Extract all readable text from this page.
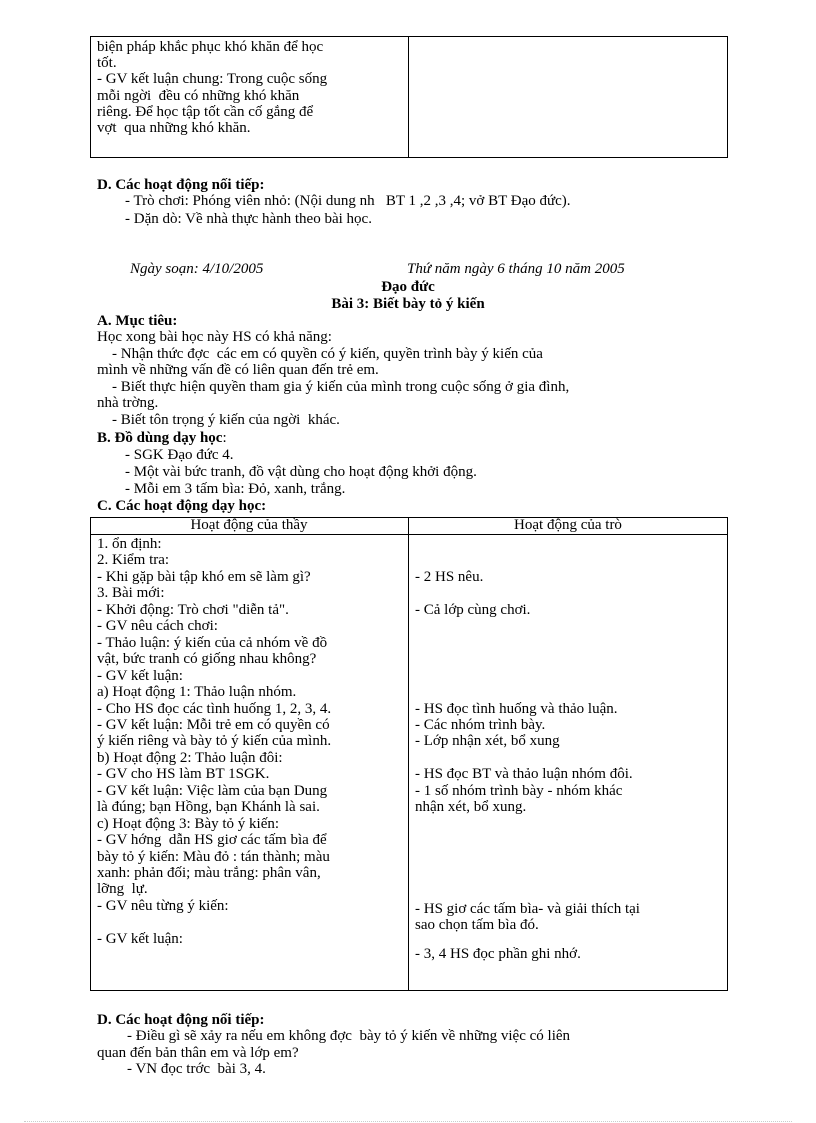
biện pháp khắc phục khó khăn để học
tốt.
- GV kết luận chung: Trong cuộc sống
mỗi ngời  đều có những khó khăn
riêng. Để học tập tốt cần cố gắng để
vợt  qua những khó khăn.
D. Các hoạt động nối tiếp:
- Trò chơi: Phóng viên nhỏ: (Nội dung nh   BT 1 ,2 ,3 ,4; vở BT Đạo đức).
- Dặn dò: Về nhà thực hành theo bài học.
Ngày soạn: 4/10/2005	Thứ năm ngày 6 tháng 10 năm 2005
Đạo đức
Bài 3: Biết bày tỏ ý kiến
A. Mục tiêu:
Học xong bài học này HS có khả năng:
- Nhận thức đợc  các em có quyền có ý kiến, quyền trình bày ý kiến của
mình về những vấn đề có liên quan đến trẻ em.
- Biết thực hiện quyền tham gia ý kiến của mình trong cuộc sống ở gia đình,
nhà trờng.
- Biết tôn trọng ý kiến của ngời  khác.
B. Đồ dùng dạy học:
- SGK Đạo đức 4.
- Một vài bức tranh, đồ vật dùng cho hoạt động khởi động.
- Mỗi em 3 tấm bìa: Đỏ, xanh, trắng.
C. Các hoạt động dạy học:
Hoạt động của thầy	Hoạt động của trò
1. ổn định:
2. Kiểm tra:
- Khi gặp bài tập khó em sẽ làm gì?
3. Bài mới:
- Khởi động: Trò chơi "diễn tả".
- GV nêu cách chơi:
- Thảo luận: ý kiến của cả nhóm về đồ
vật, bức tranh có giống nhau không?
- GV kết luận:
a) Hoạt động 1: Thảo luận nhóm.
- Cho HS đọc các tình huống 1, 2, 3, 4.
- GV kết luận: Mỗi trẻ em có quyền có
ý kiến riêng và bày tỏ ý kiến của mình.
b) Hoạt động 2: Thảo luận đôi:
- GV cho HS làm BT 1SGK.
- GV kết luận: Việc làm của bạn Dung
là đúng; bạn Hồng, bạn Khánh là sai.
c) Hoạt động 3: Bày tỏ ý kiến:
- GV hớng  dẫn HS giơ các tấm bìa để
bày tỏ ý kiến: Màu đỏ : tán thành; màu
xanh: phản đối; màu trắng: phân vân,
lỡng  lự.
- GV nêu từng ý kiến:
- GV kết luận:
- 2 HS nêu.
- Cả lớp cùng chơi.
- HS đọc tình huống và thảo luận.
- Các nhóm trình bày.
- Lớp nhận xét, bổ xung
- HS đọc BT và thảo luận nhóm đôi.
- 1 số nhóm trình bày - nhóm khác
nhận xét, bổ xung.
- HS giơ các tấm bìa- và giải thích tại
sao chọn tấm bìa đó.
- 3, 4 HS đọc phần ghi nhớ.
D. Các hoạt động nối tiếp:
- Điều gì sẽ xảy ra nếu em không đợc  bày tỏ ý kiến về những việc có liên
quan đến bản thân em và lớp em?
- VN đọc trớc  bài 3, 4.
